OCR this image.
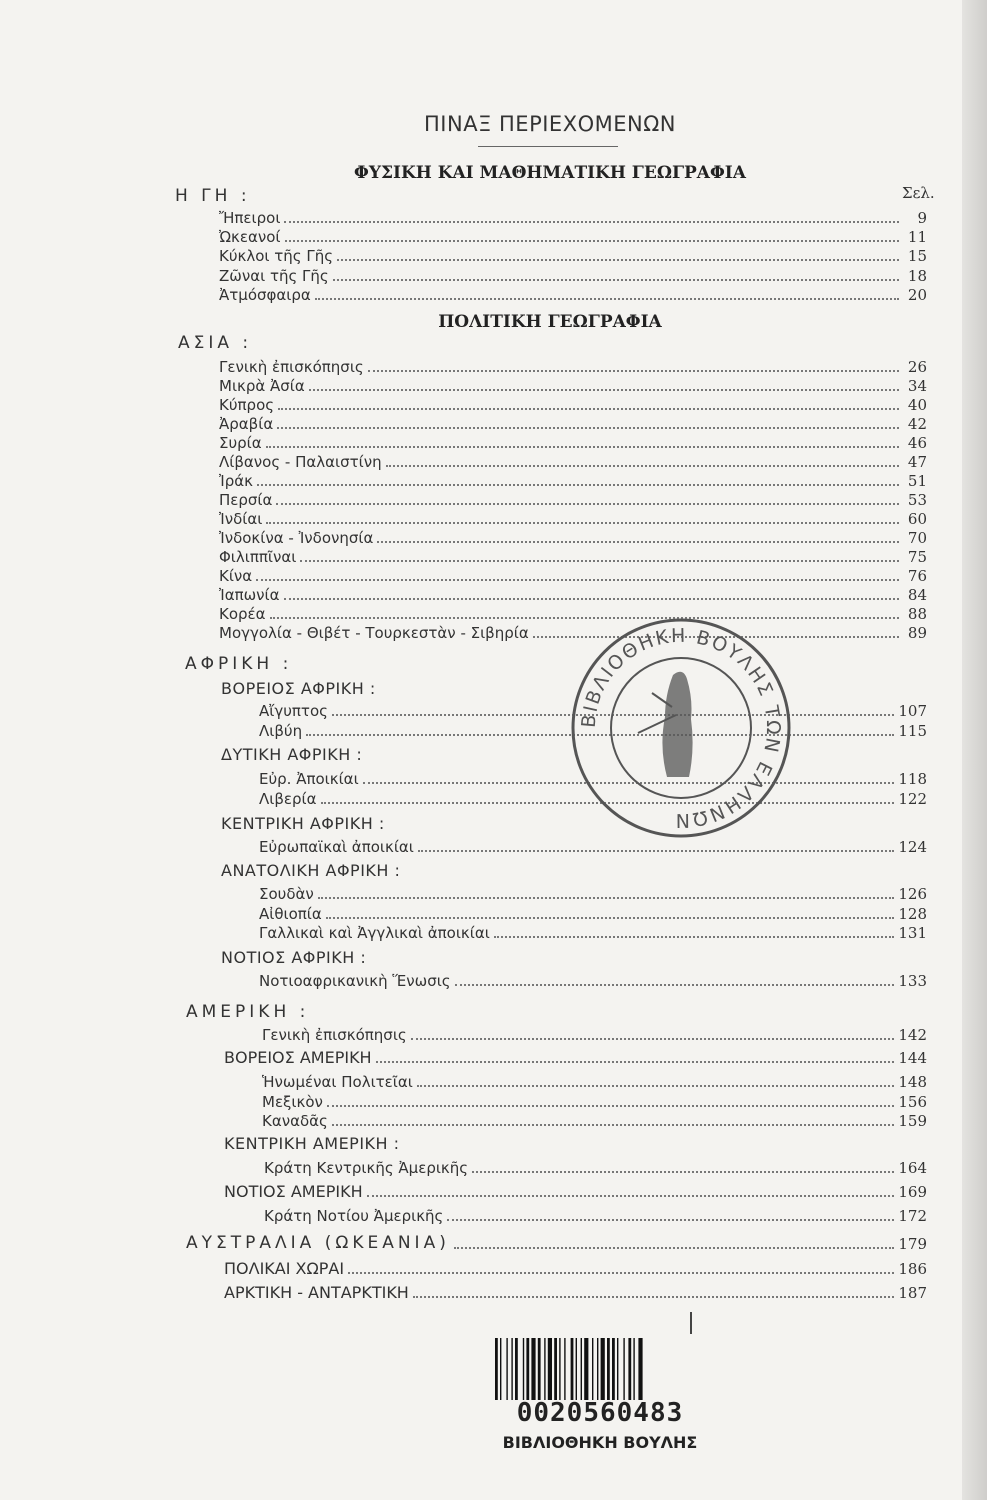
ΠΙΝΑΞ ΠΕΡΙΕΧΟΜΕΝΩΝ
ΦΥΣΙΚΗ ΚΑΙ ΜΑΘΗΜΑΤΙΚΗ ΓΕΩΓΡΑΦΙΑ
Σελ.
Η ΓΗ :
Ἤπειροι	9
Ὠκεανοί	11
Κύκλοι τῆς Γῆς	15
Ζῶναι τῆς Γῆς	18
Ἀτμόσφαιρα	20
ΠΟΛΙΤΙΚΗ ΓΕΩΓΡΑΦΙΑ
ΑΣΙΑ :
Γενικὴ ἐπισκόπησις	26
Μικρὰ Ἀσία	34
Κύπρος	40
Ἀραβία	42
Συρία	46
Λίβανος - Παλαιστίνη	47
Ἰράκ	51
Περσία	53
Ἰνδίαι	60
Ἰνδοκίνα - Ἰνδονησία	70
Φιλιππῖναι	75
Κίνα	76
Ἰαπωνία	84
Κορέα	88
Μογγολία - Θιβέτ - Τουρκεστὰν - Σιβηρία	89
ΑΦΡΙΚΗ :
ΒΟΡΕΙΟΣ ΑΦΡΙΚΗ :
Αἴγυπτος	107
Λιβύη	115
ΔΥΤΙΚΗ ΑΦΡΙΚΗ :
Εὐρ. Ἀποικίαι	118
Λιβερία	122
ΚΕΝΤΡΙΚΗ ΑΦΡΙΚΗ :
Εὐρωπαϊκαὶ ἀποικίαι	124
ΑΝΑΤΟΛΙΚΗ ΑΦΡΙΚΗ :
Σουδὰν	126
Αἰθιοπία	128
Γαλλικαὶ καὶ Ἀγγλικαὶ ἀποικίαι	131
ΝΟΤΙΟΣ ΑΦΡΙΚΗ :
Νοτιοαφρικανικὴ Ἕνωσις	133
ΑΜΕΡΙΚΗ :
Γενικὴ ἐπισκόπησις	142
ΒΟΡΕΙΟΣ ΑΜΕΡΙΚΗ	144
Ἡνωμέναι Πολιτεῖαι	148
Μεξικὸν	156
Καναδᾶς	159
ΚΕΝΤΡΙΚΗ ΑΜΕΡΙΚΗ :
Κράτη Κεντρικῆς Ἀμερικῆς	164
ΝΟΤΙΟΣ ΑΜΕΡΙΚΗ	169
Κράτη Νοτίου Ἀμερικῆς	172
ΑΥΣΤΡΑΛΙΑ (ΩΚΕΑΝΙΑ)	179
ΠΟΛΙΚΑΙ ΧΩΡΑΙ	186
ΑΡΚΤΙΚΗ - ΑΝΤΑΡΚΤΙΚΗ	187
ΒΙΒΛΙΟΘΗΚΗ ΒΟΥΛΗΣ ΤΩΝ ΕΛΛΗΝΩΝ
0020560483
ΒΙΒΛΙΟΘΗΚΗ ΒΟΥΛΗΣ
